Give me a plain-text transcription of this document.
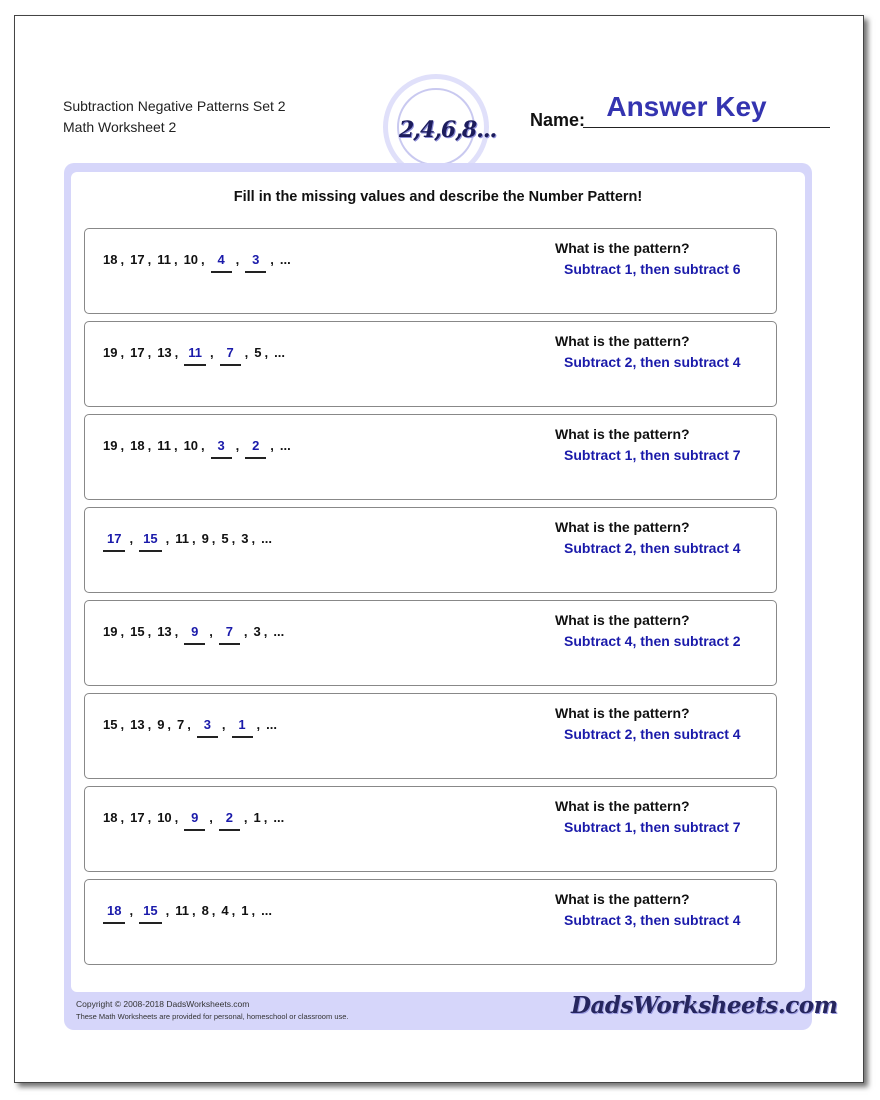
Subtraction Negative Patterns Set 2
Math Worksheet 2	2,4,6,8... Name: Answer Key
Fill in the missing values and describe the Number Pattern!
18 , 17 , 11 , 10 , 4 , 3 , ...
What is the pattern?
Subtract 1, then subtract 6
19 , 17 , 13 , 11 , 7 , 5 , ...
What is the pattern?
Subtract 2, then subtract 4
19 , 18 , 11 , 10 , 3 , 2 , ...
What is the pattern?
Subtract 1, then subtract 7
17 , 15 , 11 , 9 , 5 , 3 , ...
What is the pattern?
Subtract 2, then subtract 4
19 , 15 , 13 , 9 , 7 , 3 , ...
What is the pattern?
Subtract 4, then subtract 2
15 , 13 , 9 , 7 , 3 , 1 , ...
What is the pattern?
Subtract 2, then subtract 4
18 , 17 , 10 , 9 , 2 , 1 , ...
What is the pattern?
Subtract 1, then subtract 7
18 , 15 , 11 , 8 , 4 , 1 , ...
What is the pattern?
Subtract 3, then subtract 4
Copyright © 2008-2018 DadsWorksheets.com
These Math Worksheets are provided for personal, homeschool or classroom use.	DadsWorksheets.com
